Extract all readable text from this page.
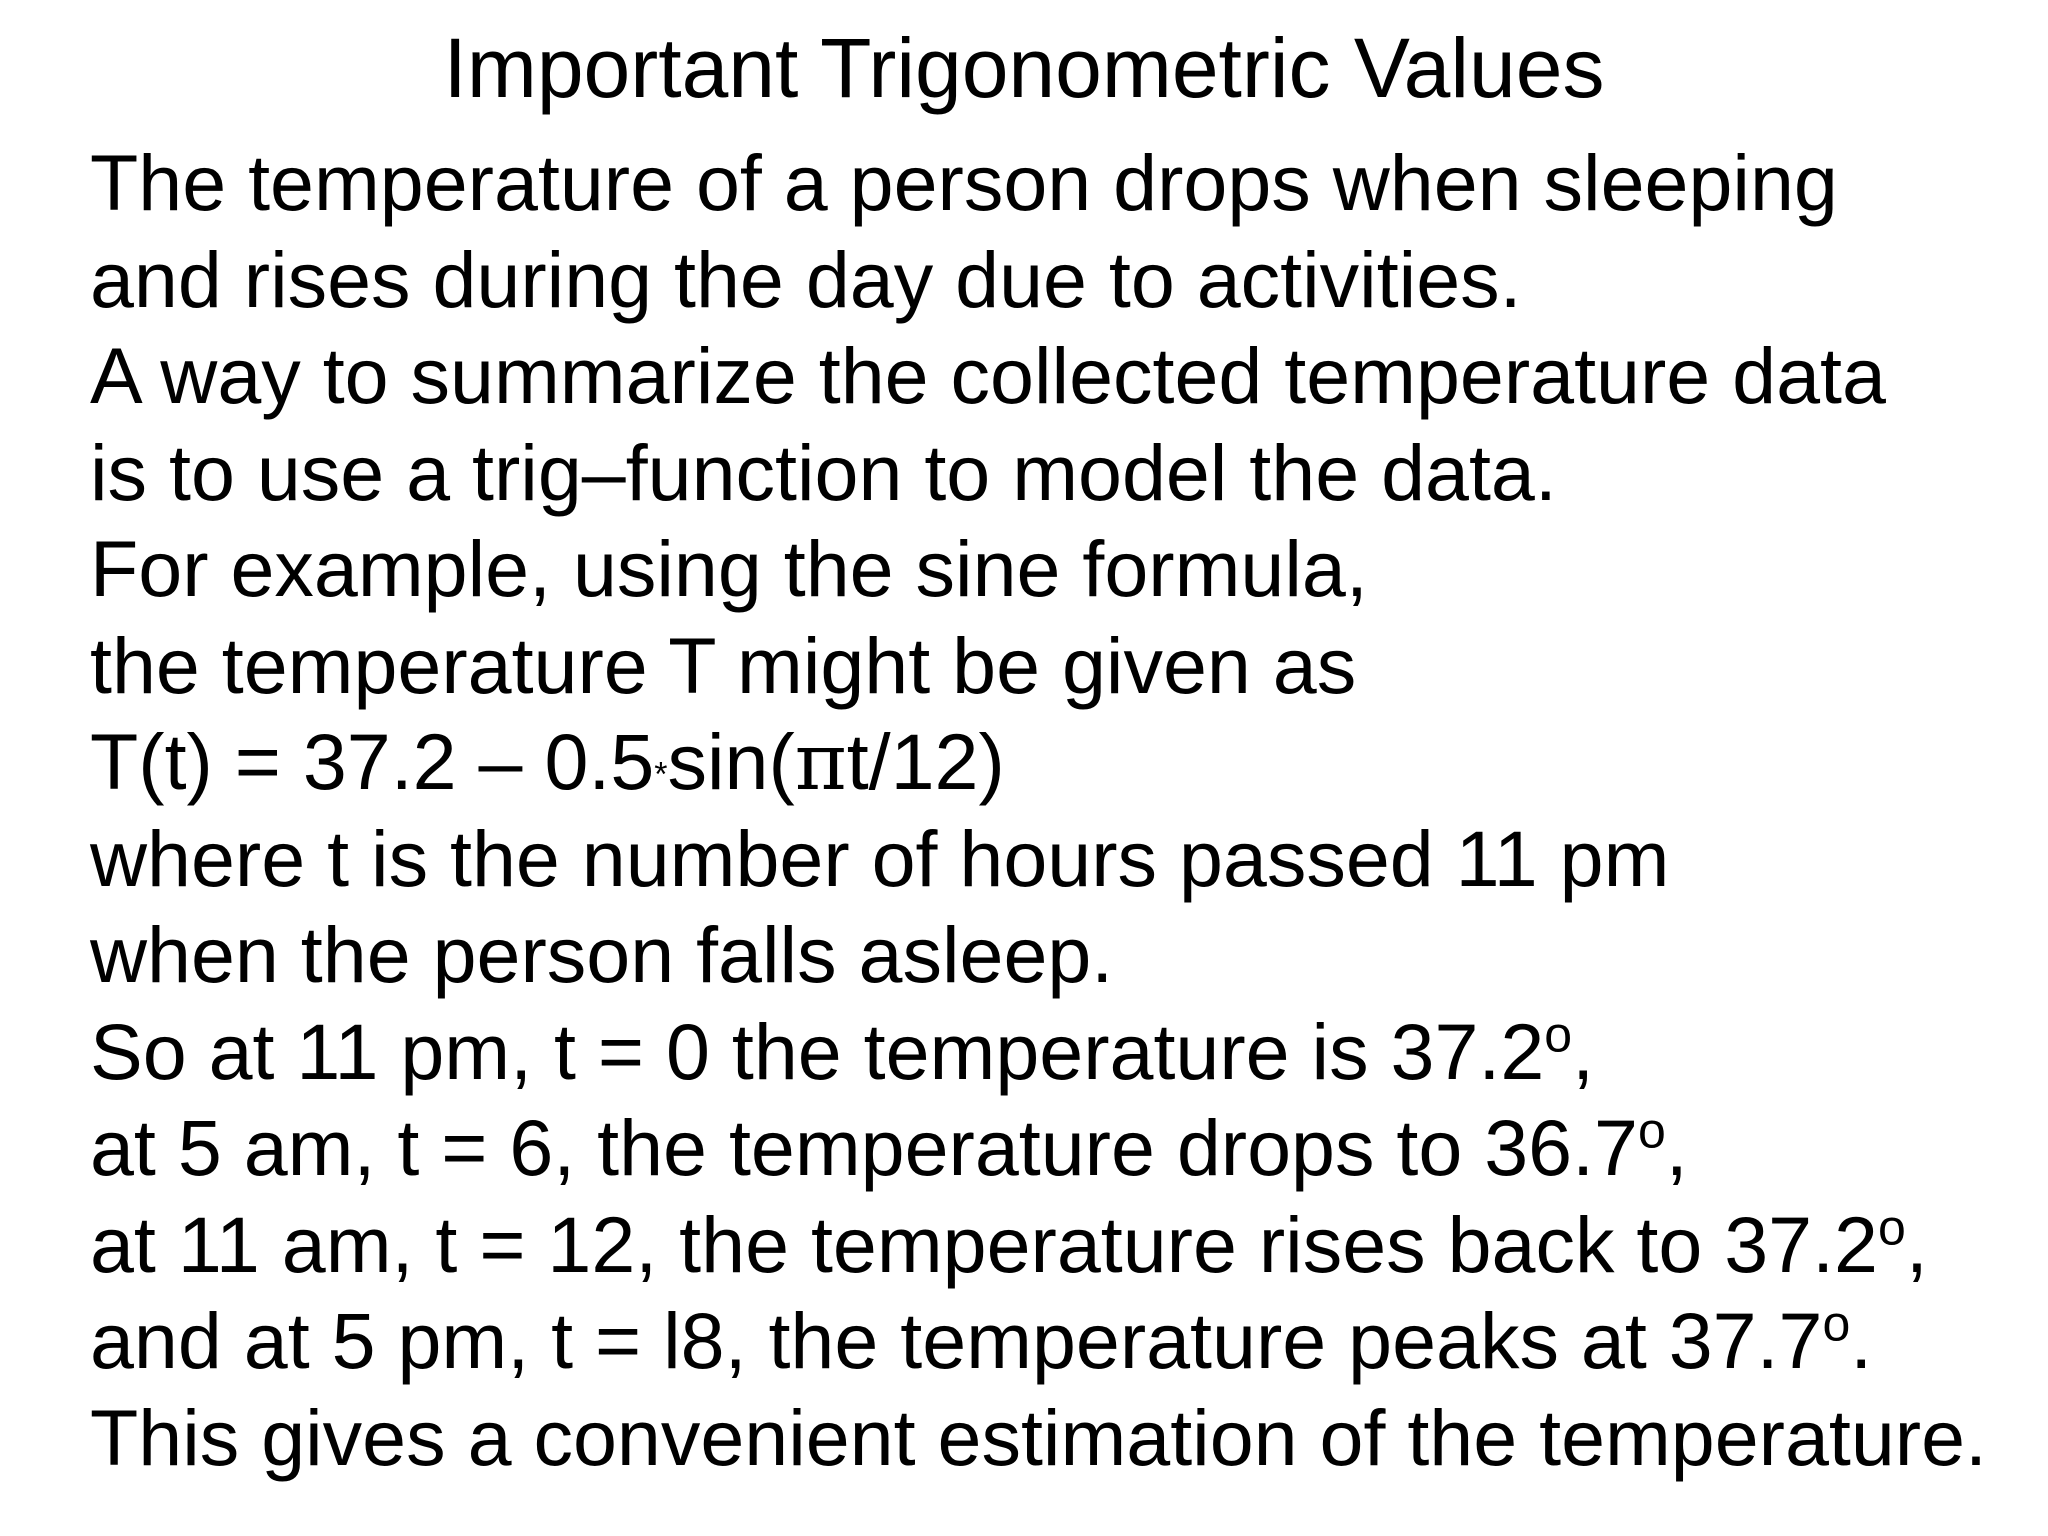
Important Trigonometric Values
The temperature of a person drops when sleeping
and rises during the day due to activities.
A way to summarize the collected temperature data
is to use a trig–function to model the data.
For example, using the sine formula,
the temperature T might be given as
T(t) = 37.2 – 0.5*sin(πt/12)
where t is the number of hours passed 11 pm
when the person falls asleep.
So at 11 pm, t = 0 the temperature is 37.2$^o$,
at 5 am, t = 6, the temperature drops to 36.7$^o$,
at 11 am, t = 12, the temperature rises back to 37.2$^o$,
and at 5 pm, t = l8, the temperature peaks at 37.7$^o$.
This gives a convenient estimation of the temperature.
